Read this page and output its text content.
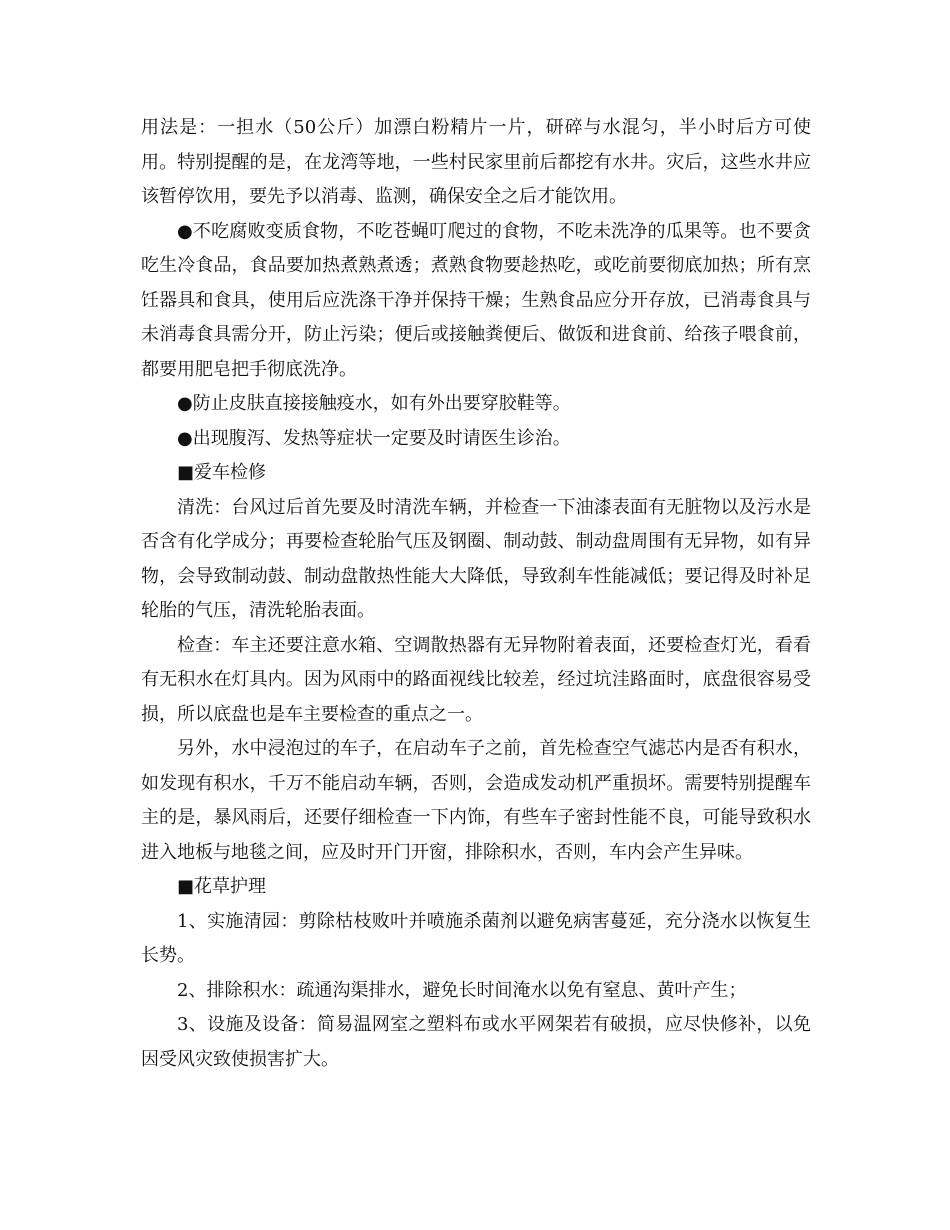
用法是：一担水（50公斤）加漂白粉精片一片，研碎与水混匀，半小时后方可使用。特别提醒的是，在龙湾等地，一些村民家里前后都挖有水井。灾后，这些水井应该暂停饮用，要先予以消毒、监测，确保安全之后才能饮用。

●不吃腐败变质食物，不吃苍蝇叮爬过的食物，不吃未洗净的瓜果等。也不要贪吃生冷食品，食品要加热煮熟煮透；煮熟食物要趁热吃，或吃前要彻底加热；所有烹饪器具和食具，使用后应洗涤干净并保持干燥；生熟食品应分开存放，已消毒食具与未消毒食具需分开，防止污染；便后或接触粪便后、做饭和进食前、给孩子喂食前，都要用肥皂把手彻底洗净。

●防止皮肤直接接触疫水，如有外出要穿胶鞋等。

●出现腹泻、发热等症状一定要及时请医生诊治。

■爱车检修

清洗：台风过后首先要及时清洗车辆，并检查一下油漆表面有无脏物以及污水是否含有化学成分；再要检查轮胎气压及钢圈、制动鼓、制动盘周围有无异物，如有异物，会导致制动鼓、制动盘散热性能大大降低，导致刹车性能减低；要记得及时补足轮胎的气压，清洗轮胎表面。

检查：车主还要注意水箱、空调散热器有无异物附着表面，还要检查灯光，看看有无积水在灯具内。因为风雨中的路面视线比较差，经过坑洼路面时，底盘很容易受损，所以底盘也是车主要检查的重点之一。

另外，水中浸泡过的车子，在启动车子之前，首先检查空气滤芯内是否有积水，如发现有积水，千万不能启动车辆，否则，会造成发动机严重损坏。需要特别提醒车主的是，暴风雨后，还要仔细检查一下内饰，有些车子密封性能不良，可能导致积水进入地板与地毯之间，应及时开门开窗，排除积水，否则，车内会产生异味。

■花草护理

1、实施清园：剪除枯枝败叶并喷施杀菌剂以避免病害蔓延，充分浇水以恢复生长势。

2、排除积水：疏通沟渠排水，避免长时间淹水以免有窒息、黄叶产生；

3、设施及设备：简易温网室之塑料布或水平网架若有破损，应尽快修补，以免因受风灾致使损害扩大。
